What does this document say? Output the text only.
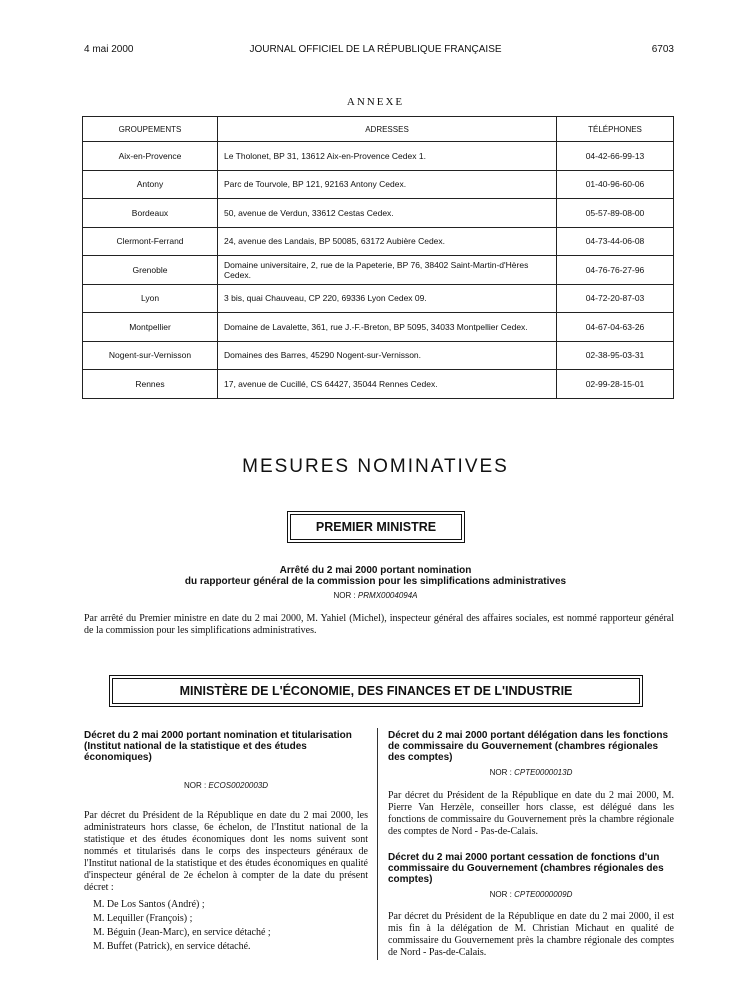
4 mai 2000	JOURNAL OFFICIEL DE LA RÉPUBLIQUE FRANÇAISE	6703
ANNEXE
GROUPEMENTS	ADRESSES	TÉLÉPHONES
Aix-en-Provence	Le Tholonet, BP 31, 13612 Aix-en-Provence Cedex 1.	04-42-66-99-13
Antony	Parc de Tourvole, BP 121, 92163 Antony Cedex.	01-40-96-60-06
Bordeaux	50, avenue de Verdun, 33612 Cestas Cedex.	05-57-89-08-00
Clermont-Ferrand	24, avenue des Landais, BP 50085, 63172 Aubière Cedex.	04-73-44-06-08
Grenoble	Domaine universitaire, 2, rue de la Papeterie, BP 76, 38402 Saint-Martin-d'Hères Cedex.	04-76-76-27-96
Lyon	3 bis, quai Chauveau, CP 220, 69336 Lyon Cedex 09.	04-72-20-87-03
Montpellier	Domaine de Lavalette, 361, rue J.-F.-Breton, BP 5095, 34033 Montpellier Cedex.	04-67-04-63-26
Nogent-sur-Vernisson	Domaines des Barres, 45290 Nogent-sur-Vernisson.	02-38-95-03-31
Rennes	17, avenue de Cucillé, CS 64427, 35044 Rennes Cedex.	02-99-28-15-01
MESURES NOMINATIVES
PREMIER MINISTRE
Arrêté du 2 mai 2000 portant nomination
du rapporteur général de la commission pour les simplifications administratives
NOR : PRMX0004094A
Par arrêté du Premier ministre en date du 2 mai 2000, M. Yahiel (Michel), inspecteur général des affaires sociales, est nommé rapporteur général de la commission pour les simplifications administratives.
MINISTÈRE DE L'ÉCONOMIE, DES FINANCES ET DE L'INDUSTRIE
Décret du 2 mai 2000 portant nomination et titularisation (Institut national de la statistique et des études économiques)
NOR : ECOS0020003D
Par décret du Président de la République en date du 2 mai 2000, les administrateurs hors classe, 6e échelon, de l'Institut national de la statistique et des études économiques dont les noms suivent sont nommés et titularisés dans le corps des inspecteurs généraux de l'Institut national de la statistique et des études économiques en qualité d'inspecteur général de 2e échelon à compter de la date du présent décret :
M. De Los Santos (André) ;
M. Lequiller (François) ;
M. Béguin (Jean-Marc), en service détaché ;
M. Buffet (Patrick), en service détaché.
Décret du 2 mai 2000 portant délégation dans les fonctions de commissaire du Gouvernement (chambres régionales des comptes)
NOR : CPTE0000013D
Par décret du Président de la République en date du 2 mai 2000, M. Pierre Van Herzèle, conseiller hors classe, est délégué dans les fonctions de commissaire du Gouvernement près la chambre régionale des comptes de Nord - Pas-de-Calais.
Décret du 2 mai 2000 portant cessation de fonctions d'un commissaire du Gouvernement (chambres régionales des comptes)
NOR : CPTE0000009D
Par décret du Président de la République en date du 2 mai 2000, il est mis fin à la délégation de M. Christian Michaut en qualité de commissaire du Gouvernement près la chambre régionale des comptes de Nord - Pas-de-Calais.
